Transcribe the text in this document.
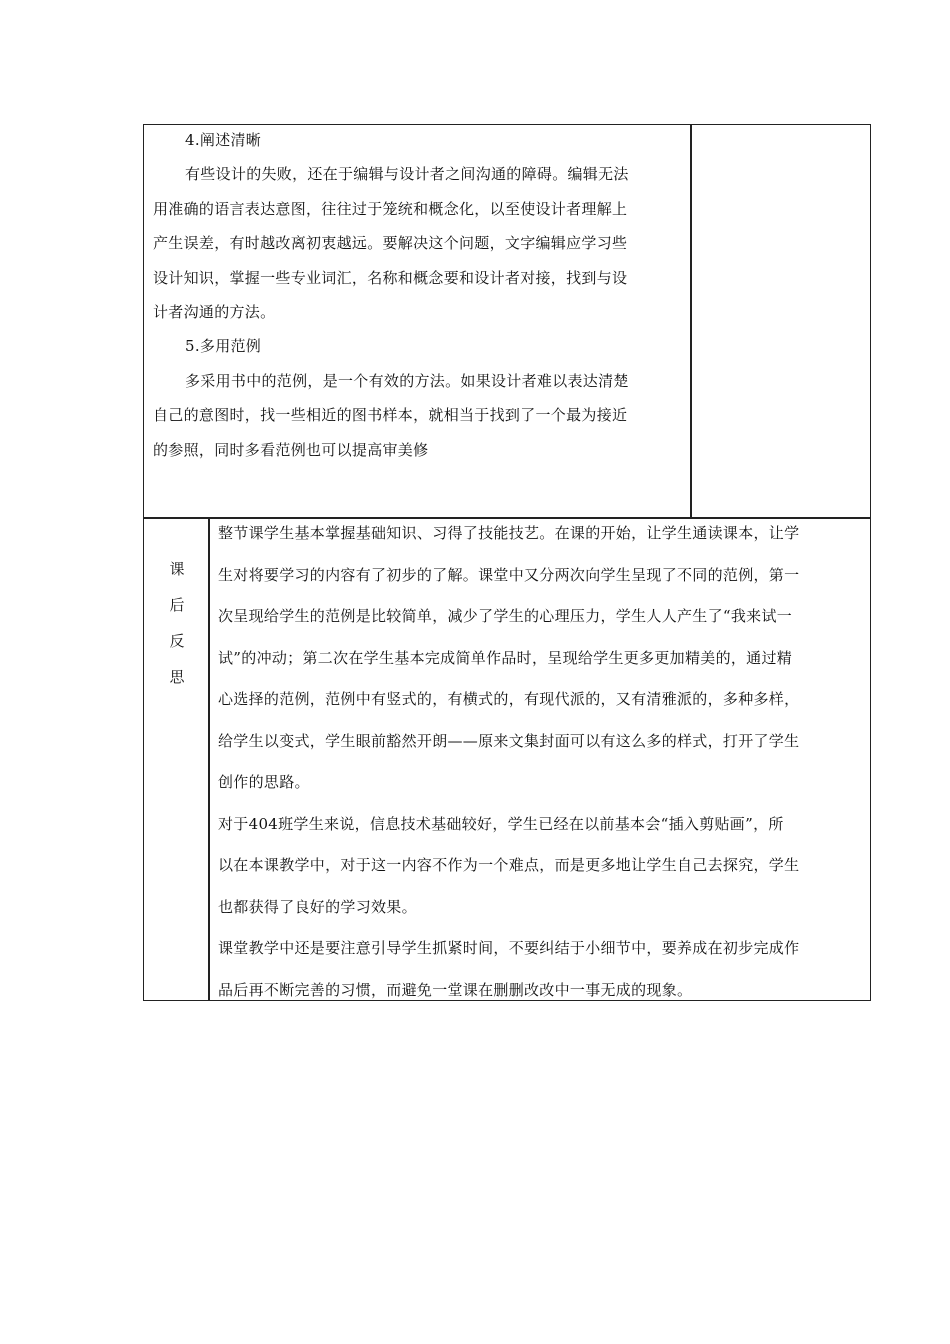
4.阐述清晰

有些设计的失败，还在于编辑与设计者之间沟通的障碍。编辑无法

用准确的语言表达意图，往往过于笼统和概念化，以至使设计者理解上

产生误差，有时越改离初衷越远。要解决这个问题，文字编辑应学习些

设计知识，掌握一些专业词汇，名称和概念要和设计者对接，找到与设

计者沟通的方法。

5.多用范例

多采用书中的范例，是一个有效的方法。如果设计者难以表达清楚

自己的意图时，找一些相近的图书样本，就相当于找到了一个最为接近

的参照，同时多看范例也可以提高审美修

课
后
反
思

整节课学生基本掌握基础知识、习得了技能技艺。在课的开始，让学生通读课本，让学

生对将要学习的内容有了初步的了解。课堂中又分两次向学生呈现了不同的范例，第一

次呈现给学生的范例是比较简单，减少了学生的心理压力，学生人人产生了“我来试一

试”的冲动；第二次在学生基本完成简单作品时，呈现给学生更多更加精美的，通过精

心选择的范例，范例中有竖式的，有横式的，有现代派的，又有清雅派的，多种多样，

给学生以变式，学生眼前豁然开朗——原来文集封面可以有这么多的样式，打开了学生

创作的思路。

对于404班学生来说，信息技术基础较好，学生已经在以前基本会“插入剪贴画”，所

以在本课教学中，对于这一内容不作为一个难点，而是更多地让学生自己去探究，学生

也都获得了良好的学习效果。

课堂教学中还是要注意引导学生抓紧时间，不要纠结于小细节中，要养成在初步完成作

品后再不断完善的习惯，而避免一堂课在删删改改中一事无成的现象。
